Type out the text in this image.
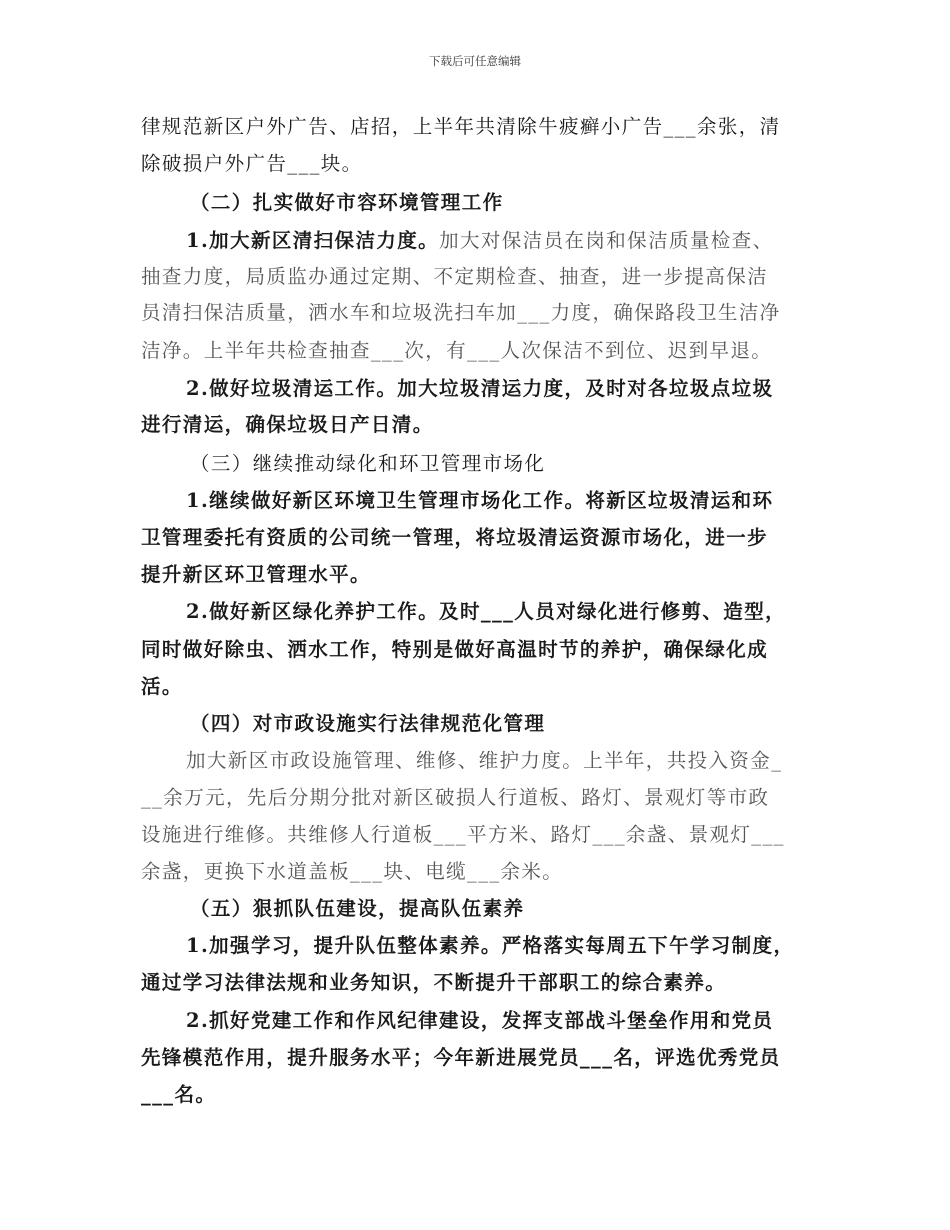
下载后可任意编辑
律规范新区户外广告、店招，上半年共清除牛疲癣小广告___余张，清
除破损户外广告___块。
（二）扎实做好市容环境管理工作
1.加大新区清扫保洁力度。加大对保洁员在岗和保洁质量检查、
抽查力度，局质监办通过定期、不定期检查、抽查，进一步提高保洁
员清扫保洁质量，洒水车和垃圾洗扫车加___力度，确保路段卫生洁净
洁净。上半年共检查抽查___次，有___人次保洁不到位、迟到早退。
2.做好垃圾清运工作。加大垃圾清运力度，及时对各垃圾点垃圾
进行清运，确保垃圾日产日清。
（三）继续推动绿化和环卫管理市场化
1.继续做好新区环境卫生管理市场化工作。将新区垃圾清运和环
卫管理委托有资质的公司统一管理，将垃圾清运资源市场化，进一步
提升新区环卫管理水平。
2.做好新区绿化养护工作。及时___人员对绿化进行修剪、造型，
同时做好除虫、洒水工作，特别是做好高温时节的养护，确保绿化成
活。
（四）对市政设施实行法律规范化管理
加大新区市政设施管理、维修、维护力度。上半年，共投入资金_
__余万元，先后分期分批对新区破损人行道板、路灯、景观灯等市政
设施进行维修。共维修人行道板___平方米、路灯___余盏、景观灯___
余盏，更换下水道盖板___块、电缆___余米。
（五）狠抓队伍建设，提高队伍素养
1.加强学习，提升队伍整体素养。严格落实每周五下午学习制度，
通过学习法律法规和业务知识，不断提升干部职工的综合素养。
2.抓好党建工作和作风纪律建设，发挥支部战斗堡垒作用和党员
先锋模范作用，提升服务水平；今年新进展党员___名，评选优秀党员
___名。
